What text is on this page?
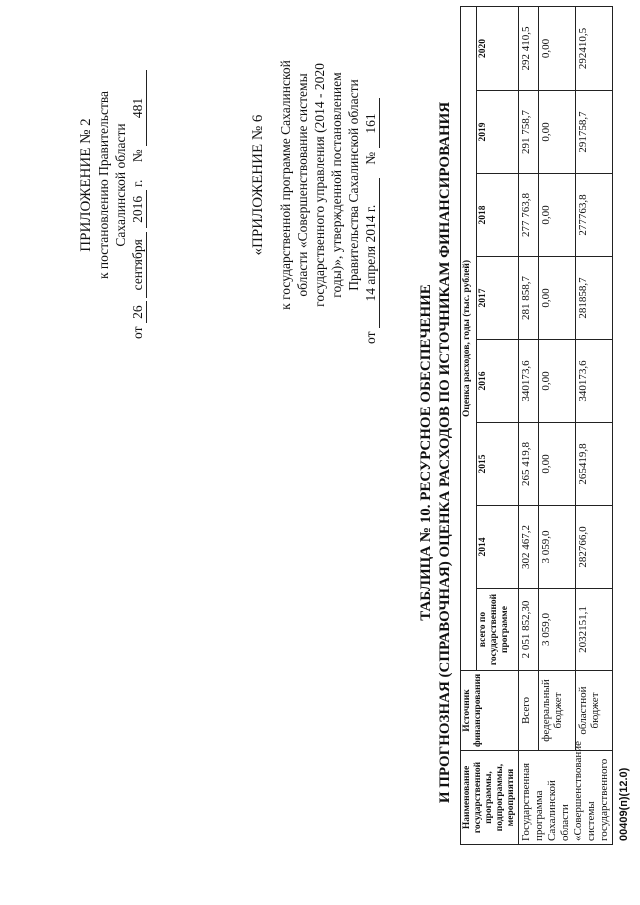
ПРИЛОЖЕНИЕ № 2 к постановлению Правительства Сахалинской области
от 26 сентября 2016 г. № 481
«ПРИЛОЖЕНИЕ № 6 к государственной программе Сахалинской области «Совершенствование системы государственного управления (2014 - 2020 годы)», утвержденной постановлением Правительства Сахалинской области
от 14 апреля 2014 г. № 161
ТАБЛИЦА № 10. РЕСУРСНОЕ ОБЕСПЕЧЕНИЕ И ПРОГНОЗНАЯ (СПРАВОЧНАЯ) ОЦЕНКА РАСХОДОВ ПО ИСТОЧНИКАМ ФИНАНСИРОВАНИЯ Наименование государственной программы, подпрограммы, мероприятия	Источник финансирования	Оценка расходов, годы (тыс. рублей)							
		всего по государственной программе	2014	2015	2016	2017	2018	2019	2020
Государственная программа Сахалинской области «Совершенствование системы государственного	Всего	2 051 852,30	302 467,2	265 419,8	340173,6	281 858,7	277 763,8	291 758,7	292 410,5
	федеральный бюджет	3 059,0	3 059,0	0,00	0,00	0,00	0,00	0,00	0,00
	областной бюджет	2032151,1	282766,0	265419,8	340173,6	281858,7	277763,8	291758,7	292410,5
00409(п)(12.0)
